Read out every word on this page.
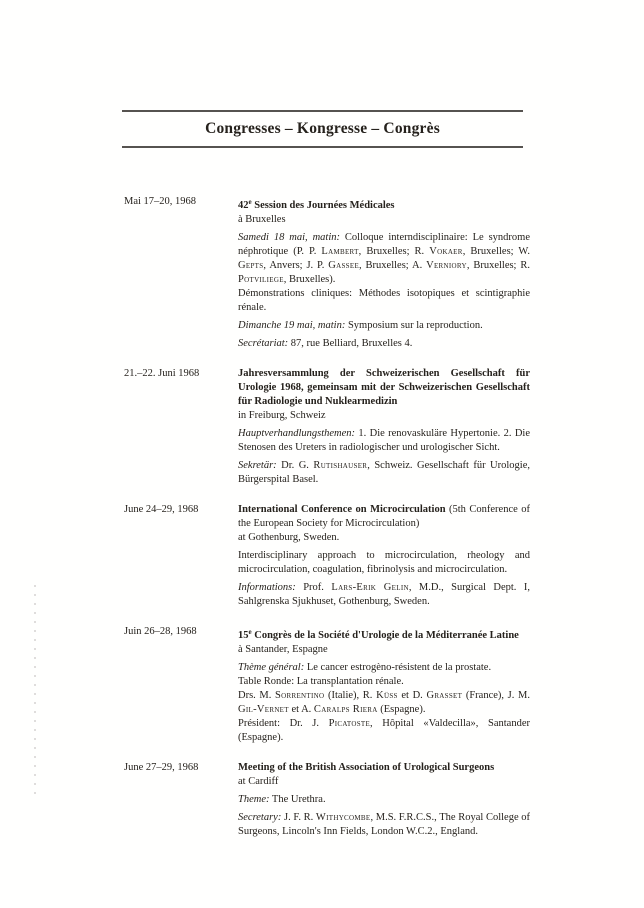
Congresses – Kongresse – Congrès
Mai 17–20, 1968	42e Session des Journées Médicales

à Bruxelles

Samedi 18 mai, matin: Colloque interndisciplinaire: Le syndrome néphrotique (P. P. Lambert, Bruxelles; R. Vokaer, Bruxelles; W. Gepts, Anvers; J. P. Gassee, Bruxelles; A. Verniory, Bruxelles; R. Potviliege, Bruxelles).

Démonstrations cliniques: Méthodes isotopiques et scintigraphie rénale.

Dimanche 19 mai, matin: Symposium sur la reproduction.

Secrétariat: 87, rue Belliard, Bruxelles 4.

21.–22. Juni 1968	Jahresversammlung der Schweizerischen Gesellschaft für Urologie 1968, gemeinsam mit der Schweizerischen Gesellschaft für Radiologie und Nuklearmedizin

in Freiburg, Schweiz

Hauptverhandlungsthemen: 1. Die renovaskuläre Hypertonie. 2. Die Stenosen des Ureters in radiologischer und urologischer Sicht.

Sekretär: Dr. G. Rutishauser, Schweiz. Gesellschaft für Urologie, Bürgerspital Basel.

June 24–29, 1968	International Conference on Microcirculation (5th Conference of the European Society for Microcirculation)

at Gothenburg, Sweden.

Interdisciplinary approach to microcirculation, rheology and microcirculation, coagulation, fibrinolysis and microcirculation.

Informations: Prof. Lars-Erik Gelin, M.D., Surgical Dept. I, Sahlgrenska Sjukhuset, Gothenburg, Sweden.

Juin 26–28, 1968	15e Congrès de la Société d'Urologie de la Méditerranée Latine

à Santander, Espagne

Thème général: Le cancer estrogèno-résistent de la prostate.

Table Ronde: La transplantation rénale.

Drs. M. Sorrentino (Italie), R. Küss et D. Grasset (France), J. M. Gil-Vernet et A. Caralps Riera (Espagne).

Président: Dr. J. Picatoste, Hôpital «Valdecilla», Santander (Espagne).

June 27–29, 1968	Meeting of the British Association of Urological Surgeons

at Cardiff

Theme: The Urethra.

Secretary: J. F. R. Withycombe, M.S. F.R.C.S., The Royal College of Surgeons, Lincoln's Inn Fields, London W.C.2., England.
